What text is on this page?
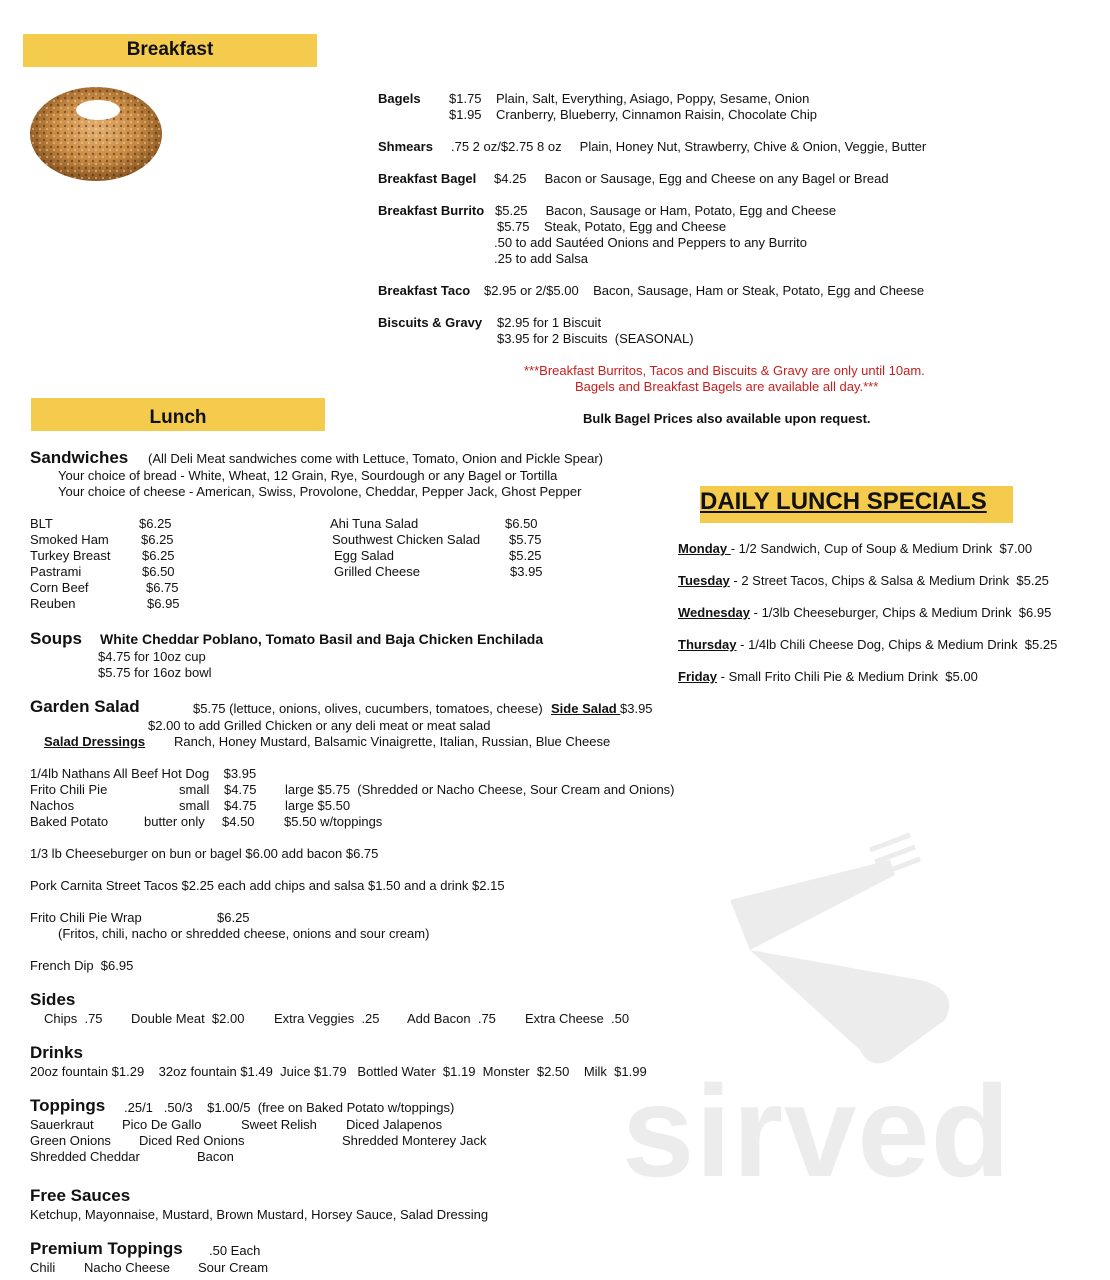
Breakfast
Bagels $1.75    Plain, Salt, Everything, Asiago, Poppy, Sesame, Onion
$1.95    Cranberry, Blueberry, Cinnamon Raisin, Chocolate Chip
Shmears .75 2 oz/$2.75 8 oz     Plain, Honey Nut, Strawberry, Chive & Onion, Veggie, Butter
Breakfast Bagel $4.25     Bacon or Sausage, Egg and Cheese on any Bagel or Bread
Breakfast Burrito $5.25     Bacon, Sausage or Ham, Potato, Egg and Cheese
$5.75    Steak, Potato, Egg and Cheese
.50 to add Sautéed Onions and Peppers to any Burrito
.25 to add Salsa
Breakfast Taco $2.95 or 2/$5.00    Bacon, Sausage, Ham or Steak, Potato, Egg and Cheese
Biscuits & Gravy $2.95 for 1 Biscuit
$3.95 for 2 Biscuits  (SEASONAL)
***Breakfast Burritos, Tacos and Biscuits & Gravy are only until 10am.
Bagels and Breakfast Bagels are available all day.***
Bulk Bagel Prices also available upon request.
Lunch
Sandwiches (All Deli Meat sandwiches come with Lettuce, Tomato, Onion and Pickle Spear)
Your choice of bread - White, Wheat, 12 Grain, Rye, Sourdough or any Bagel or Tortilla
Your choice of cheese - American, Swiss, Provolone, Cheddar, Pepper Jack, Ghost Pepper
BLT	$6.25
Smoked Ham $6.25
Turkey Breast $6.25
Pastrami	$6.50
Corn Beef	$6.75
Reuben	$6.95
Ahi Tuna Salad	$6.50
Southwest Chicken Salad $5.75
Egg Salad	$5.25
Grilled Cheese	$3.95
Soups White Cheddar Poblano, Tomato Basil and Baja Chicken Enchilada
$4.75 for 10oz cup
$5.75 for 16oz bowl
Garden Salad	$5.75 (lettuce, onions, olives, cucumbers, tomatoes, cheese) Side Salad $3.95
$2.00 to add Grilled Chicken or any deli meat or meat salad
Salad Dressings Ranch, Honey Mustard, Balsamic Vinaigrette, Italian, Russian, Blue Cheese
1/4lb Nathans All Beef Hot Dog    $3.95
Frito Chili Pie	small $4.75 large $5.75  (Shredded or Nacho Cheese, Sour Cream and Onions)
Nachos	small $4.75 large $5.50
Baked Potato	butter only $4.50 $5.50 w/toppings
1/3 lb Cheeseburger on bun or bagel $6.00 add bacon $6.75
Pork Carnita Street Tacos $2.25 each add chips and salsa $1.50 and a drink $2.15
Frito Chili Pie Wrap	$6.25
(Fritos, chili, nacho or shredded cheese, onions and sour cream)
French Dip  $6.95
Sides
Chips  .75 Double Meat  $2.00 Extra Veggies  .25 Add Bacon  .75 Extra Cheese  .50
Drinks
20oz fountain $1.29    32oz fountain $1.49  Juice $1.79   Bottled Water  $1.19  Monster  $2.50    Milk  $1.99
Toppings .25/1   .50/3    $1.00/5  (free on Baked Potato w/toppings)
Sauerkraut Pico De Gallo	Sweet Relish Diced Jalapenos
Green Onions Diced Red Onions	Shredded Monterey Jack
Shredded Cheddar	Bacon
Free Sauces
Ketchup, Mayonnaise, Mustard, Brown Mustard, Horsey Sauce, Salad Dressing
Premium Toppings .50 Each
Chili Nacho Cheese Sour Cream
DAILY LUNCH SPECIALS
Monday - 1/2 Sandwich, Cup of Soup & Medium Drink  $7.00
Tuesday - 2 Street Tacos, Chips & Salsa & Medium Drink  $5.25
Wednesday - 1/3lb Cheeseburger, Chips & Medium Drink  $6.95
Thursday - 1/4lb Chili Cheese Dog, Chips & Medium Drink  $5.25
Friday - Small Frito Chili Pie & Medium Drink  $5.00
sirved
